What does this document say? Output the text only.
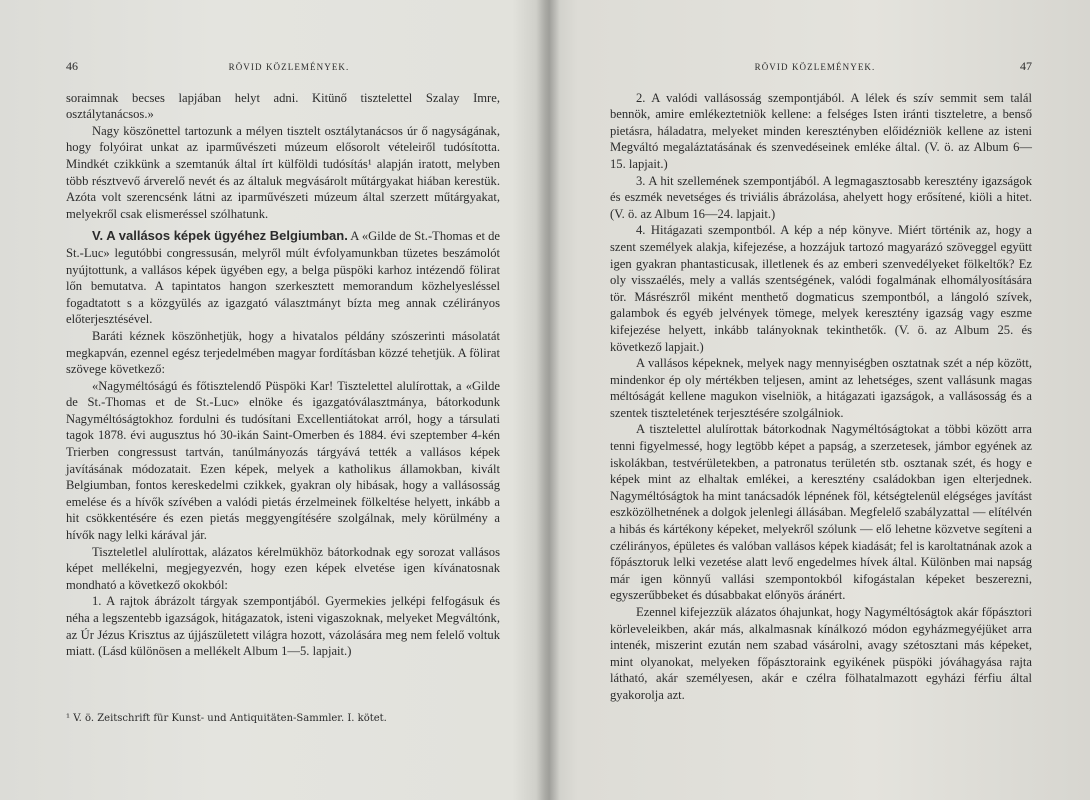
46	RÖVID KÖZLEMÉNYEK.

soraimnak becses lapjában helyt adni. Kitünő tisztelettel Szalay Imre, osztálytanácsos.»

Nagy köszönettel tartozunk a mélyen tisztelt osztálytanácsos úr ő nagyságának, hogy folyóirat unkat az iparművészeti múzeum elősorolt vételeiről tudósította. Mindkét czikkünk a szemtanúk által írt külföldi tudósítás¹ alapján iratott, melyben több résztvevő árverelő nevét és az általuk megvásárolt műtárgyakat hiában kerestük. Azóta volt szerencsénk látni az iparművészeti múzeum által szerzett műtárgyakat, melyekről csak elismeréssel szólhatunk.

V. A vallásos képek ügyéhez Belgiumban. A «Gilde de St.-Thomas et de St.-Luc» legutóbbi congressusán, melyről múlt évfolyamunkban tüzetes beszámolót nyújtottunk, a vallásos képek ügyében egy, a belga püspöki karhoz intézendő fölirat lőn bemutatva. A tapintatos hangon szerkesztett memorandum közhelyesléssel fogadtatott s a közgyülés az igazgató választmányt bízta meg annak czélirányos előterjesztésével.

Baráti kéznek köszönhetjük, hogy a hivatalos példány szószerinti másolatát megkapván, ezennel egész terjedelmében magyar fordításban közzé tehetjük. A fölirat szövege következő:

«Nagyméltóságú és főtisztelendő Püspöki Kar! Tisztelettel alulírottak, a «Gilde de St.-Thomas et de St.-Luc» elnöke és igazgatóválasztmánya, bátorkodunk Nagyméltóságtokhoz fordulni és tudósítani Excellentiátokat arról, hogy a társulati tagok 1878. évi augusztus hó 30-ikán Saint-Omerben és 1884. évi szeptember 4-kén Trierben congressust tartván, tanúlmányozás tárgyává tették a vallásos képek javításának módozatait. Ezen képek, melyek a katholikus államokban, kivált Belgiumban, fontos kereskedelmi czikkek, gyakran oly hibásak, hogy a vallásosság emelése és a hívők szívében a valódi pietás érzelmeinek fölkeltése helyett, inkább a hit csökkentésére és ezen pietás meggyengítésére szolgálnak, mely körülmény a hívők nagy lelki kárával jár.

Tiszteletlel alulírottak, alázatos kérelmükhöz bátorkodnak egy sorozat vallásos képet mellékelni, megjegyezvén, hogy ezen képek elvetése igen kívánatosnak mondható a következő okokból:

1. A rajtok ábrázolt tárgyak szempontjából. Gyermekies jelképi felfogásuk és néha a legszentebb igazságok, hitágazatok, isteni vigaszoknak, melyeket Megváltónk, az Úr Jézus Krisztus az újjászületett világra hozott, vázolására meg nem felelő voltuk miatt. (Lásd különösen a mellékelt Album 1—5. lapjait.)

¹ V. ö. Zeitschrift für Kunst- und Antiquitäten-Sammler. I. kötet.
RÖVID KÖZLEMÉNYEK.	47

2. A valódi vallásosság szempontjából. A lélek és szív semmit sem talál bennök, amire emlékeztetniök kellene: a felséges Isten iránti tiszteletre, a benső pietásra, háladatra, melyeket minden keresztényben előidézniök kellene az isteni Megváltó megaláztatásának és szenvedéseinek emléke által. (V. ö. az Album 6—15. lapjait.)

3. A hit szellemének szempontjából. A legmagasztosabb keresztény igazságok és eszmék nevetséges és triviális ábrázolása, ahelyett hogy erősítené, kiöli a hitet. (V. ö. az Album 16—24. lapjait.)

4. Hitágazati szempontból. A kép a nép könyve. Miért történik az, hogy a szent személyek alakja, kifejezése, a hozzájuk tartozó magyarázó szöveggel együtt igen gyakran phantasticusak, illetlenek és az emberi szenvedélyeket fölkeltők? Ez oly visszaélés, mely a vallás szentségének, valódi fogalmának elhomályosítására tör. Másrészről miként menthető dogmaticus szempontból, a lángoló szívek, galambok és egyéb jelvények tömege, melyek keresztény igazság vagy eszme kifejezése helyett, inkább talányoknak tekinthetők. (V. ö. az Album 25. és következő lapjait.)

A vallásos képeknek, melyek nagy mennyiségben osztatnak szét a nép között, mindenkor ép oly mértékben teljesen, amint az lehetséges, szent vallásunk magas méltóságát kellene magukon viselniök, a hitágazati igazságok, a vallásosság és a szentek tiszteletének terjesztésére szolgálniok.

A tisztelettel alulírottak bátorkodnak Nagyméltóságtokat a többi között arra tenni figyelmessé, hogy legtöbb képet a papság, a szerzetesek, jámbor egyének az iskolákban, testvérületekben, a patronatus területén stb. osztanak szét, és hogy e képek mint az elhaltak emlékei, a keresztény családokban igen elterjednek. Nagyméltóságtok ha mint tanácsadók lépnének föl, kétségtelenül elégséges javítást eszközölhetnének a dolgok jelenlegi állásában. Megfelelő szabályzattal — elítélvén a hibás és kártékony képeket, melyekről szólunk — elő lehetne közvetve segíteni a czélirányos, épületes és valóban vallásos képek kiadását; fel is karoltatnának azok a főpásztoruk lelki vezetése alatt levő engedelmes hívek által. Különben mai napság már igen könnyű vallási szempontokból kifogástalan képeket beszerezni, egyszerűbbeket és dúsabbakat előnyös áránért.

Ezennel kifejezzük alázatos óhajunkat, hogy Nagyméltóságtok akár főpásztori körleveleikben, akár más, alkalmasnak kínálkozó módon egyházmegyéjüket arra intenék, miszerint ezután nem szabad vásárolni, avagy szétosztani más képeket, mint olyanokat, melyeken főpásztoraink egyikének püspöki jóváhagyása rajta látható, akár személyesen, akár e czélra fölhatalmazott egyházi férfiu által gyakorolja azt.
